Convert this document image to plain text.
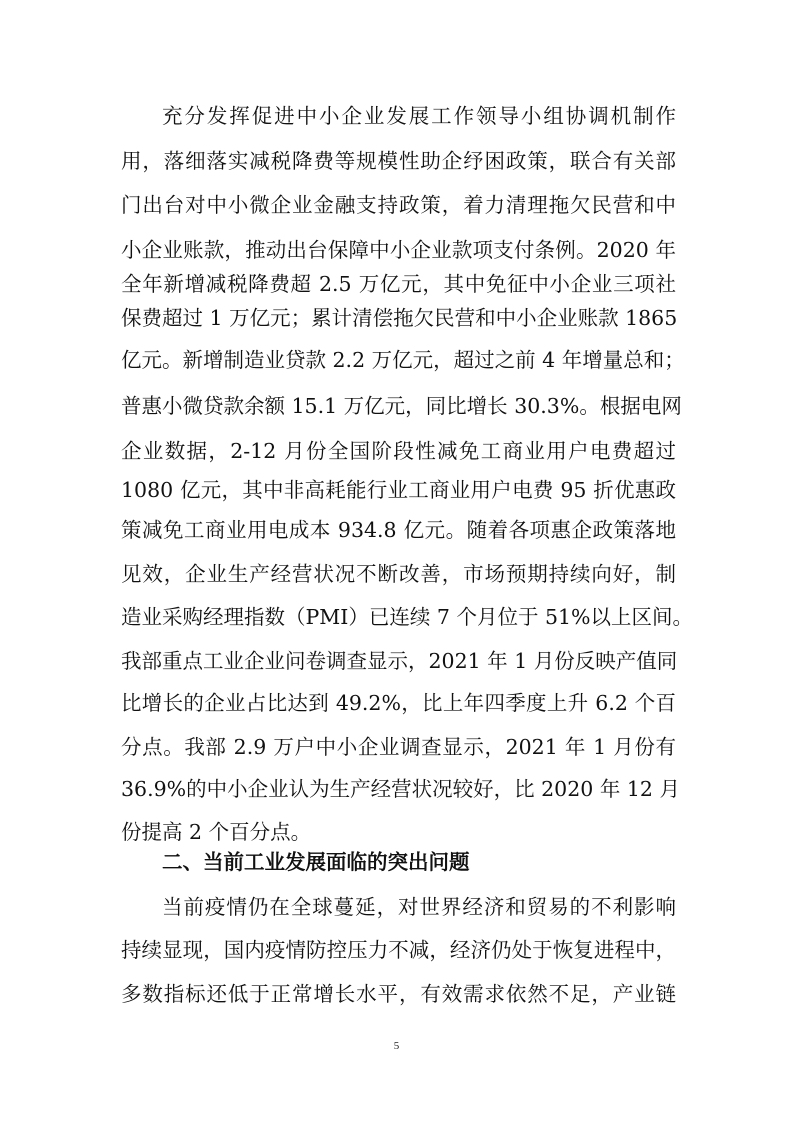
充分发挥促进中小企业发展工作领导小组协调机制作

用，落细落实减税降费等规模性助企纾困政策，联合有关部

门出台对中小微企业金融支持政策，着力清理拖欠民营和中

小企业账款，推动出台保障中小企业款项支付条例。2020 年

全年新增减税降费超 2.5 万亿元，其中免征中小企业三项社

保费超过 1 万亿元；累计清偿拖欠民营和中小企业账款 1865

亿元。新增制造业贷款 2.2 万亿元，超过之前 4 年增量总和；

普惠小微贷款余额 15.1 万亿元，同比增长 30.3%。根据电网

企业数据，2-12 月份全国阶段性减免工商业用户电费超过

1080 亿元，其中非高耗能行业工商业用户电费 95 折优惠政

策减免工商业用电成本 934.8 亿元。随着各项惠企政策落地

见效，企业生产经营状况不断改善，市场预期持续向好，制

造业采购经理指数（PMI）已连续 7 个月位于 51%以上区间。

我部重点工业企业问卷调查显示，2021 年 1 月份反映产值同

比增长的企业占比达到 49.2%，比上年四季度上升 6.2 个百

分点。我部 2.9 万户中小企业调查显示，2021 年 1 月份有

36.9%的中小企业认为生产经营状况较好，比 2020 年 12 月

份提高 2 个百分点。

二、当前工业发展面临的突出问题

当前疫情仍在全球蔓延，对世界经济和贸易的不利影响

持续显现，国内疫情防控压力不减，经济仍处于恢复进程中，

多数指标还低于正常增长水平，有效需求依然不足，产业链

5
